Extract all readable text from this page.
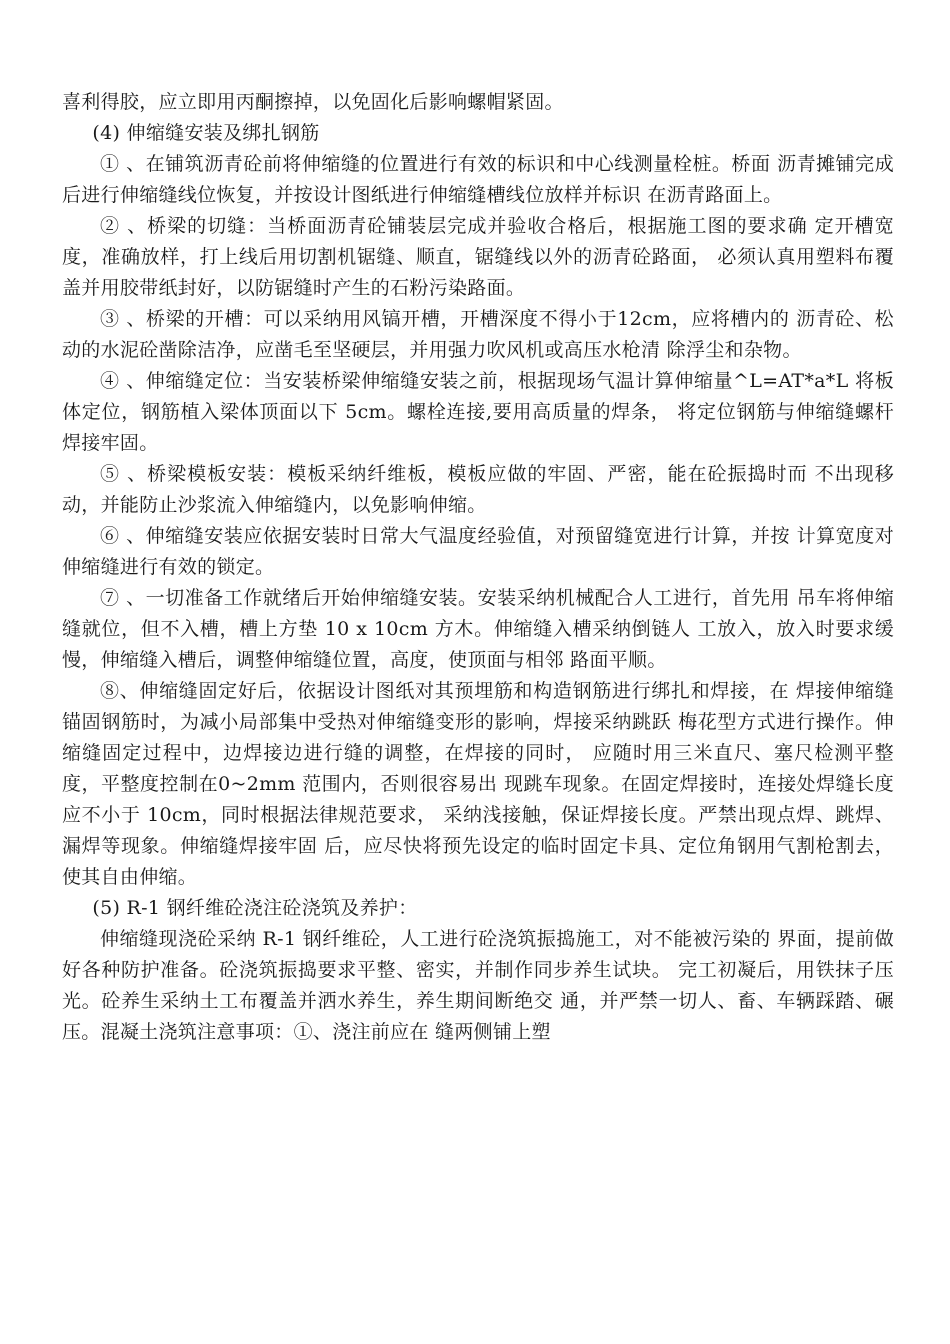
喜利得胶，应立即用丙酮擦掉，以免固化后影响螺帽紧固。

(4) 伸缩缝安装及绑扎钢筋

① 、在铺筑沥青砼前将伸缩缝的位置进行有效的标识和中心线测量栓桩。桥面 沥青摊铺完成后进行伸缩缝线位恢复，并按设计图纸进行伸缩缝槽线位放样并标识 在沥青路面上。

② 、桥梁的切缝：当桥面沥青砼铺装层完成并验收合格后，根据施工图的要求确 定开槽宽度，准确放样，打上线后用切割机锯缝、顺直，锯缝线以外的沥青砼路面， 必须认真用塑料布覆盖并用胶带纸封好，以防锯缝时产生的石粉污染路面。

③ 、桥梁的开槽：可以采纳用风镐开槽，开槽深度不得小于12cm，应将槽内的 沥青砼、松动的水泥砼凿除洁净，应凿毛至坚硬层，并用强力吹风机或高压水枪清 除浮尘和杂物。

④ 、伸缩缝定位：当安装桥梁伸缩缝安装之前，根据现场气温计算伸缩量^L=AT*a*L 将板体定位，钢筋植入梁体顶面以下 5cm。螺栓连接,要用高质量的焊条， 将定位钢筋与伸缩缝螺杆焊接牢固。

⑤ 、桥梁模板安装：模板采纳纤维板，模板应做的牢固、严密，能在砼振捣时而 不出现移动，并能防止沙浆流入伸缩缝内，以免影响伸缩。

⑥ 、伸缩缝安装应依据安装时日常大气温度经验值，对预留缝宽进行计算，并按 计算宽度对伸缩缝进行有效的锁定。

⑦ 、一切准备工作就绪后开始伸缩缝安装。安装采纳机械配合人工进行，首先用 吊车将伸缩缝就位，但不入槽，槽上方垫 10 x 10cm 方木。伸缩缝入槽采纳倒链人 工放入，放入时要求缓慢，伸缩缝入槽后，调整伸缩缝位置，高度，使顶面与相邻 路面平顺。

⑧、伸缩缝固定好后，依据设计图纸对其预埋筋和构造钢筋进行绑扎和焊接，在 焊接伸缩缝锚固钢筋时，为减小局部集中受热对伸缩缝变形的影响，焊接采纳跳跃 梅花型方式进行操作。伸缩缝固定过程中，边焊接边进行缝的调整，在焊接的同时， 应随时用三米直尺、塞尺检测平整度，平整度控制在0~2mm 范围内，否则很容易出 现跳车现象。在固定焊接时，连接处焊缝长度应不小于 10cm，同时根据法律规范要求， 采纳浅接触，保证焊接长度。严禁出现点焊、跳焊、漏焊等现象。伸缩缝焊接牢固 后，应尽快将预先设定的临时固定卡具、定位角钢用气割枪割去，使其自由伸缩。

(5) R-1 钢纤维砼浇注砼浇筑及养护：

伸缩缝现浇砼采纳 R-1 钢纤维砼，人工进行砼浇筑振捣施工，对不能被污染的 界面，提前做好各种防护准备。砼浇筑振捣要求平整、密实，并制作同步养生试块。 完工初凝后，用铁抹子压光。砼养生采纳土工布覆盖并洒水养生，养生期间断绝交 通，并严禁一切人、畜、车辆踩踏、碾压。混凝土浇筑注意事项：①、浇注前应在 缝两侧铺上塑
